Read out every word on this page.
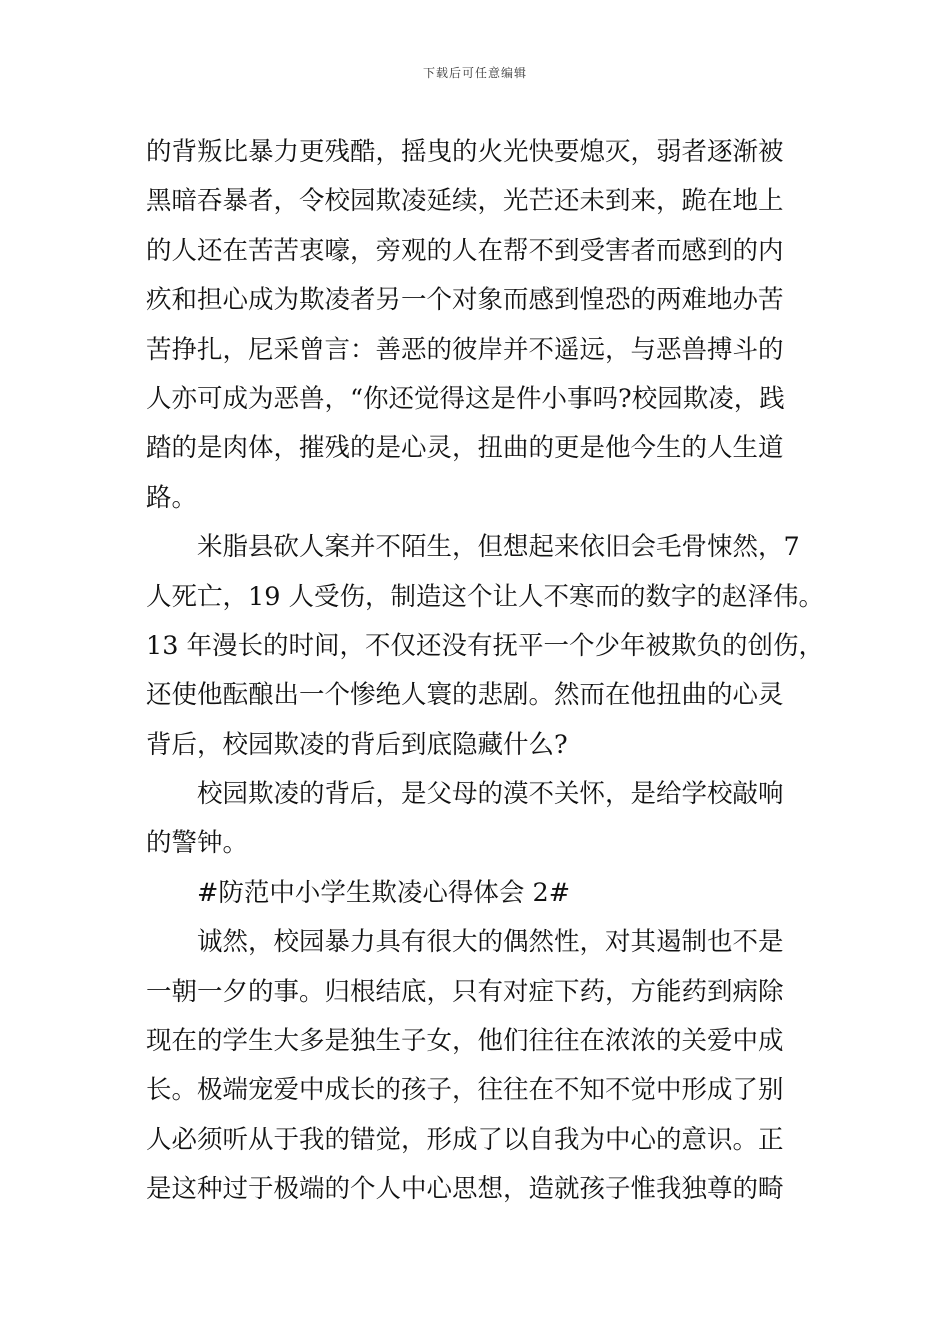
下载后可任意编辑
的背叛比暴力更残酷，摇曳的火光快要熄灭，弱者逐渐被
黑暗吞暴者，令校园欺凌延续，光芒还未到来，跪在地上
的人还在苦苦衷嚎，旁观的人在帮不到受害者而感到的内
疚和担心成为欺凌者另一个对象而感到惶恐的两难地办苦
苦挣扎，尼采曾言：善恶的彼岸并不遥远，与恶兽搏斗的
人亦可成为恶兽，“你还觉得这是件小事吗?校园欺凌，践
踏的是肉体，摧残的是心灵，扭曲的更是他今生的人生道
路。
米脂县砍人案并不陌生，但想起来依旧会毛骨悚然，7
人死亡，19 人受伤，制造这个让人不寒而的数字的赵泽伟。
13 年漫长的时间，不仅还没有抚平一个少年被欺负的创伤，
还使他酝酿出一个惨绝人寰的悲剧。然而在他扭曲的心灵
背后，校园欺凌的背后到底隐藏什么?
校园欺凌的背后，是父母的漠不关怀，是给学校敲响
的警钟。
#防范中小学生欺凌心得体会 2#
诚然，校园暴力具有很大的偶然性，对其遏制也不是
一朝一夕的事。归根结底，只有对症下药，方能药到病除
现在的学生大多是独生子女，他们往往在浓浓的关爱中成
长。极端宠爱中成长的孩子，往往在不知不觉中形成了别
人必须听从于我的错觉，形成了以自我为中心的意识。正
是这种过于极端的个人中心思想，造就孩子惟我独尊的畸
